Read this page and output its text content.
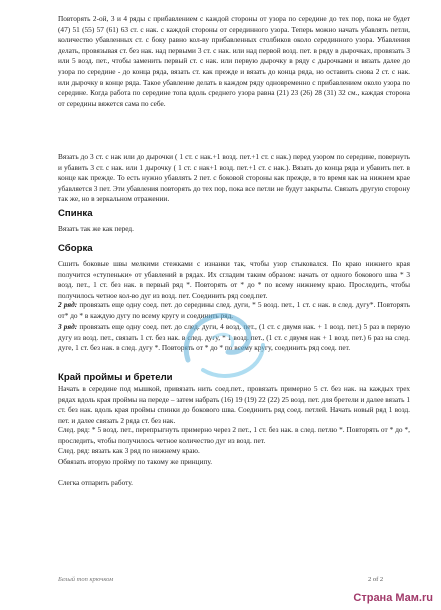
Повторять 2-ой, 3 и 4 ряды с прибавлением с каждой стороны от узора по середине до тех пор, пока не будет (47) 51 (55) 57 (61) 63 ст. с нак. с каждой стороны от серединного узора. Теперь можно начать убавлять петли, количество убавленных ст. с боку равно кол-ву прибавленных столбиков около серединного узора. Убавления делать, провязывая ст. без нак. над первыми 3 ст. с нак. или над первой возд. пет. в ряду в дырочках, провязать 3 или 5 возд. пет., чтобы заменить первый ст. с нак. или первую дырочку в ряду с дырочками и вязать далее до узора по середине - до конца ряда, вязать ст. как прежде и вязать до конца ряда, но оставить снова 2 ст. с нак. или дырочку в конце ряда. Такое убавление делать в каждом ряду одновременно с прибавлением около узора по середине. Когда работа по середине топа вдоль среднего узора равна (21) 23 (26) 28 (31) 32 см., каждая сторона от середины вяжется сама по себе.
Вязать до 3 ст. с нак или до дырочки ( 1 ст. с нак.+1 возд. пет.+1 ст. с нак.) перед узором по середине, повернуть и убавить 3 ст. с нак. или 1 дырочку ( 1 ст. с нак+1 возд. пет.+1 ст. с нак.). Вязать до конца ряда и убавить пет. в конце как прежде. То есть нужно убавлять 2 пет. с боковой стороны как прежде, в то время как на нижнем крае убавляется 3 пет. Эти убавления повторять до тех пор, пока все петли не будут закрыты. Связать другую сторону так же, но в зеркальном отражении.
Спинка
Вязать так же как перед.
Сборка
Сшить боковые швы мелкими стежками с изнанки так, чтобы узор стыковался. По краю нижнего края получится «ступеньки» от убавлений в рядах. Их сгладим таким образом: начать от одного бокового шва * 3 возд. пет., 1 ст. без нак. в первый ряд *. Повторять от * до * по всему нижнему краю. Проследить, чтобы получилось четное кол-во дуг из возд. пет. Соединить ряд соед.пет.
2 ряд: провязать еще одну соед. пет. до середины след. дуги, * 5 возд. пет., 1 ст. с нак. в след. дугу*. Повторять от* до * в каждую дугу по всему кругу и соединить ряд.
3 ряд: провязать еще одну соед. пет. до след. дуги, 4 возд. пет., (1 ст. с двумя нак. + 1 возд. пет.) 5 раз в первую дугу из возд. пет., связать 1 ст. без нак. в след. дугу, * 1 возд. пет., (1 ст. с двумя нак + 1 возд. пет.) 6 раз на след. дуге, 1 ст. без нак. в след. дугу *. Повторять от * до * по всему кругу, соединить ряд соед. пет.
Край проймы и бретели
Начать в середине под мышкой, привязать нить соед.пет., провязать примерно 5 ст. без нак. на каждых трех рядах вдоль края проймы на переде – затем набрать (16) 19 (19) 22 (22) 25 возд. пет. для бретели и далее вязать 1 ст. без нак. вдоль края проймы спинки до бокового шва. Соединить ряд соед. петлей. Начать новый ряд 1 возд. пет. и далее связать 2 ряда ст. без нак.
След. ряд: * 5 возд. пет., перепрыгнуть примерно через 2 пет., 1 ст. без нак. в след. петлю *. Повторять от * до *, проследить, чтобы получилось четное количество дуг из возд. пет.
След. ряд: вязать как 3 ряд по нижнему краю.
Обвязать вторую пройму по такому же принципу.
Слегка отпарить работу.
Белый топ крючком	2 of 2
Страна Мам.ru
